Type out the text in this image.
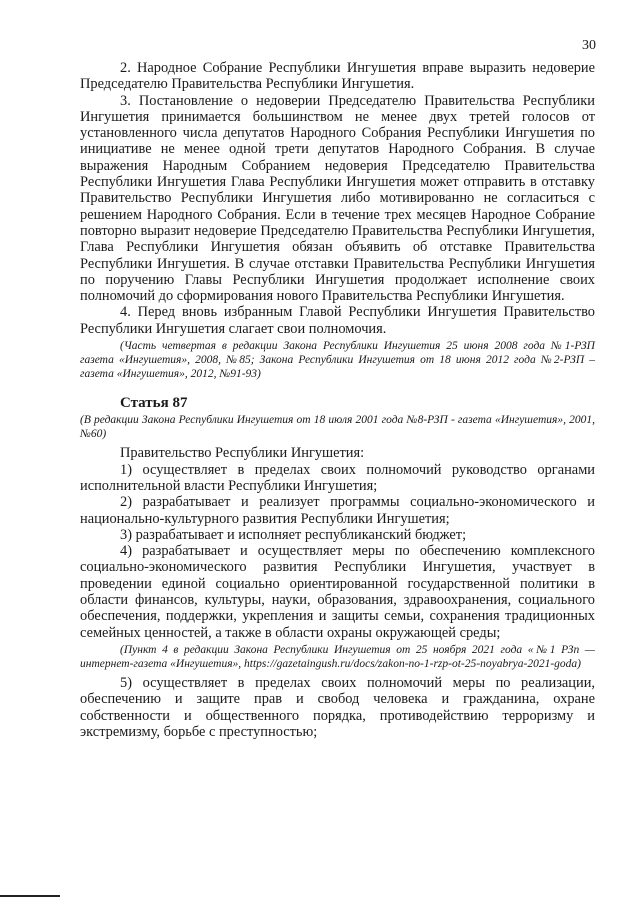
30

2. Народное Собрание Республики Ингушетия вправе выразить недоверие Председателю Правительства Республики Ингушетия.

3. Постановление о недоверии Председателю Правительства Республики Ингушетия принимается большинством не менее двух третей голосов от установленного числа депутатов Народного Собрания Республики Ингушетия по инициативе не менее одной трети депутатов Народного Собрания. В случае выражения Народным Собранием недоверия Председателю Правительства Республики Ингушетия Глава Республики Ингушетия может отправить в отставку Правительство Республики Ингушетия либо мотивированно не согласиться с решением Народного Собрания. Если в течение трех месяцев Народное Собрание повторно выразит недоверие Председателю Правительства Республики Ингушетия, Глава Республики Ингушетия обязан объявить об отставке Правительства Республики Ингушетия. В случае отставки Правительства Республики Ингушетия по поручению Главы Республики Ингушетия продолжает исполнение своих полномочий до сформирования нового Правительства Республики Ингушетия.

4. Перед вновь избранным Главой Республики Ингушетия Правительство Республики Ингушетия слагает свои полномочия.

(Часть четвертая в редакции Закона Республики Ингушетия 25 июня 2008 года №1-РЗП газета «Ингушетия», 2008, №85; Закона Республики Ингушетия от 18 июня 2012 года №2-РЗП – газета «Ингушетия», 2012, №91-93)

Статья 87

(В редакции Закона Республики Ингушетия от 18 июля 2001 года №8-РЗП - газета «Ингушетия», 2001, №60)

Правительство Республики Ингушетия:

1) осуществляет в пределах своих полномочий руководство органами исполнительной власти Республики Ингушетия;

2) разрабатывает и реализует программы социально-экономического и национально-культурного развития Республики Ингушетия;

3) разрабатывает и исполняет республиканский бюджет;

4) разрабатывает и осуществляет меры по обеспечению комплексного социально-экономического развития Республики Ингушетия, участвует в проведении единой социально ориентированной государственной политики в области финансов, культуры, науки, образования, здравоохранения, социального обеспечения, поддержки, укрепления и защиты семьи, сохранения традиционных семейных ценностей, а также в области охраны окружающей среды;

(Пункт 4 в редакции Закона Республики Ингушетия от 25 ноября 2021 года «№1 РЗп — интернет-газета «Ингушетия», https://gazetaingush.ru/docs/zakon-no-1-rzp-ot-25-noyabrya-2021-goda)

5) осуществляет в пределах своих полномочий меры по реализации, обеспечению и защите прав и свобод человека и гражданина, охране собственности и общественного порядка, противодействию терроризму и экстремизму, борьбе с преступностью;
